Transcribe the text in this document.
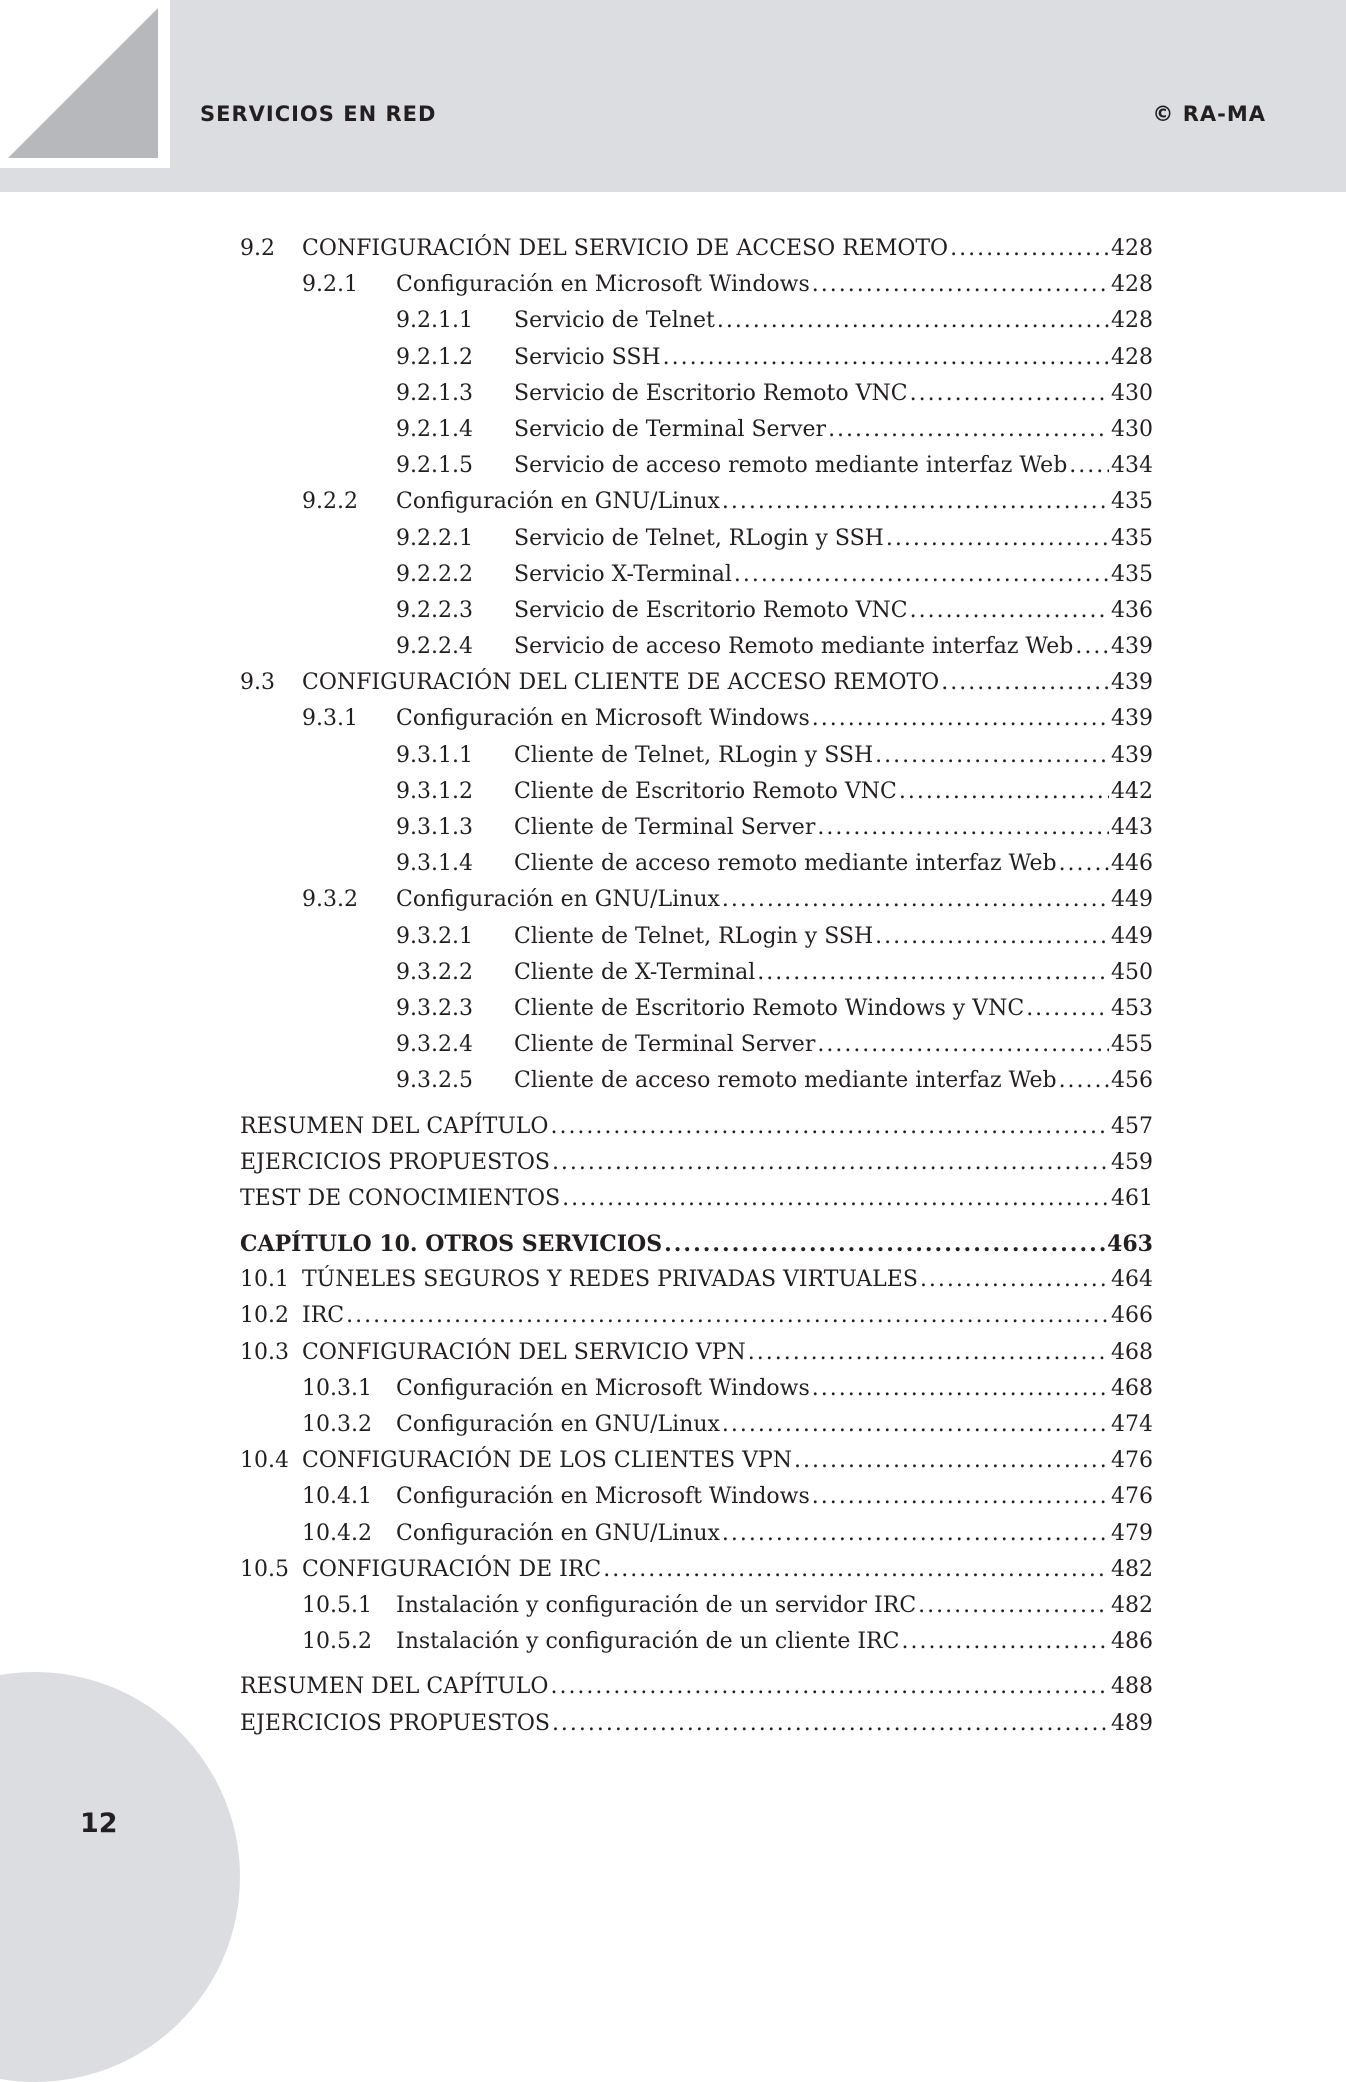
SERVICIOS EN RED	© RA-MA
9.2	CONFIGURACIÓN DEL SERVICIO DE ACCESO REMOTO .....	428
9.2.1	Configuración en Microsoft Windows .....	428
9.2.1.1	Servicio de Telnet .....	428
9.2.1.2	Servicio SSH .....	428
9.2.1.3	Servicio de Escritorio Remoto VNC .....	430
9.2.1.4	Servicio de Terminal Server .....	430
9.2.1.5	Servicio de acceso remoto mediante interfaz Web ..... 434
9.2.2	Configuración en GNU/Linux .....	435
9.2.2.1	Servicio de Telnet, RLogin y SSH .....	435
9.2.2.2	Servicio X-Terminal .....	435
9.2.2.3	Servicio de Escritorio Remoto VNC .....	436
9.2.2.4	Servicio de acceso Remoto mediante interfaz Web ..... 439
9.3	CONFIGURACIÓN DEL CLIENTE DE ACCESO REMOTO .....	439
9.3.1	Configuración en Microsoft Windows .....	439
9.3.1.1	Cliente de Telnet, RLogin y SSH .....	439
9.3.1.2	Cliente de Escritorio Remoto VNC .....	442
9.3.1.3	Cliente de Terminal Server .....	443
9.3.1.4	Cliente de acceso remoto mediante interfaz Web ..... 446
9.3.2	Configuración en GNU/Linux .....	449
9.3.2.1	Cliente de Telnet, RLogin y SSH .....	449
9.3.2.2	Cliente de X-Terminal .....	450
9.3.2.3	Cliente de Escritorio Remoto Windows y VNC .....	453
9.3.2.4	Cliente de Terminal Server .....	455
9.3.2.5	Cliente de acceso remoto mediante interfaz Web ..... 456
RESUMEN DEL CAPÍTULO .....	457
EJERCICIOS PROPUESTOS .....	459
TEST DE CONOCIMIENTOS .....	461
CAPÍTULO 10. OTROS SERVICIOS .....	463
10.1 TÚNELES SEGUROS Y REDES PRIVADAS VIRTUALES .....	464
10.2 IRC .....	466
10.3 CONFIGURACIÓN DEL SERVICIO VPN .....	468
10.3.1	Configuración en Microsoft Windows .....	468
10.3.2	Configuración en GNU/Linux .....	474
10.4 CONFIGURACIÓN DE LOS CLIENTES VPN .....	476
10.4.1	Configuración en Microsoft Windows .....	476
10.4.2	Configuración en GNU/Linux .....	479
10.5 CONFIGURACIÓN DE IRC .....	482
10.5.1	Instalación y configuración de un servidor IRC .....	482
10.5.2	Instalación y configuración de un cliente IRC .....	486
RESUMEN DEL CAPÍTULO .....	488
EJERCICIOS PROPUESTOS .....	489
12
